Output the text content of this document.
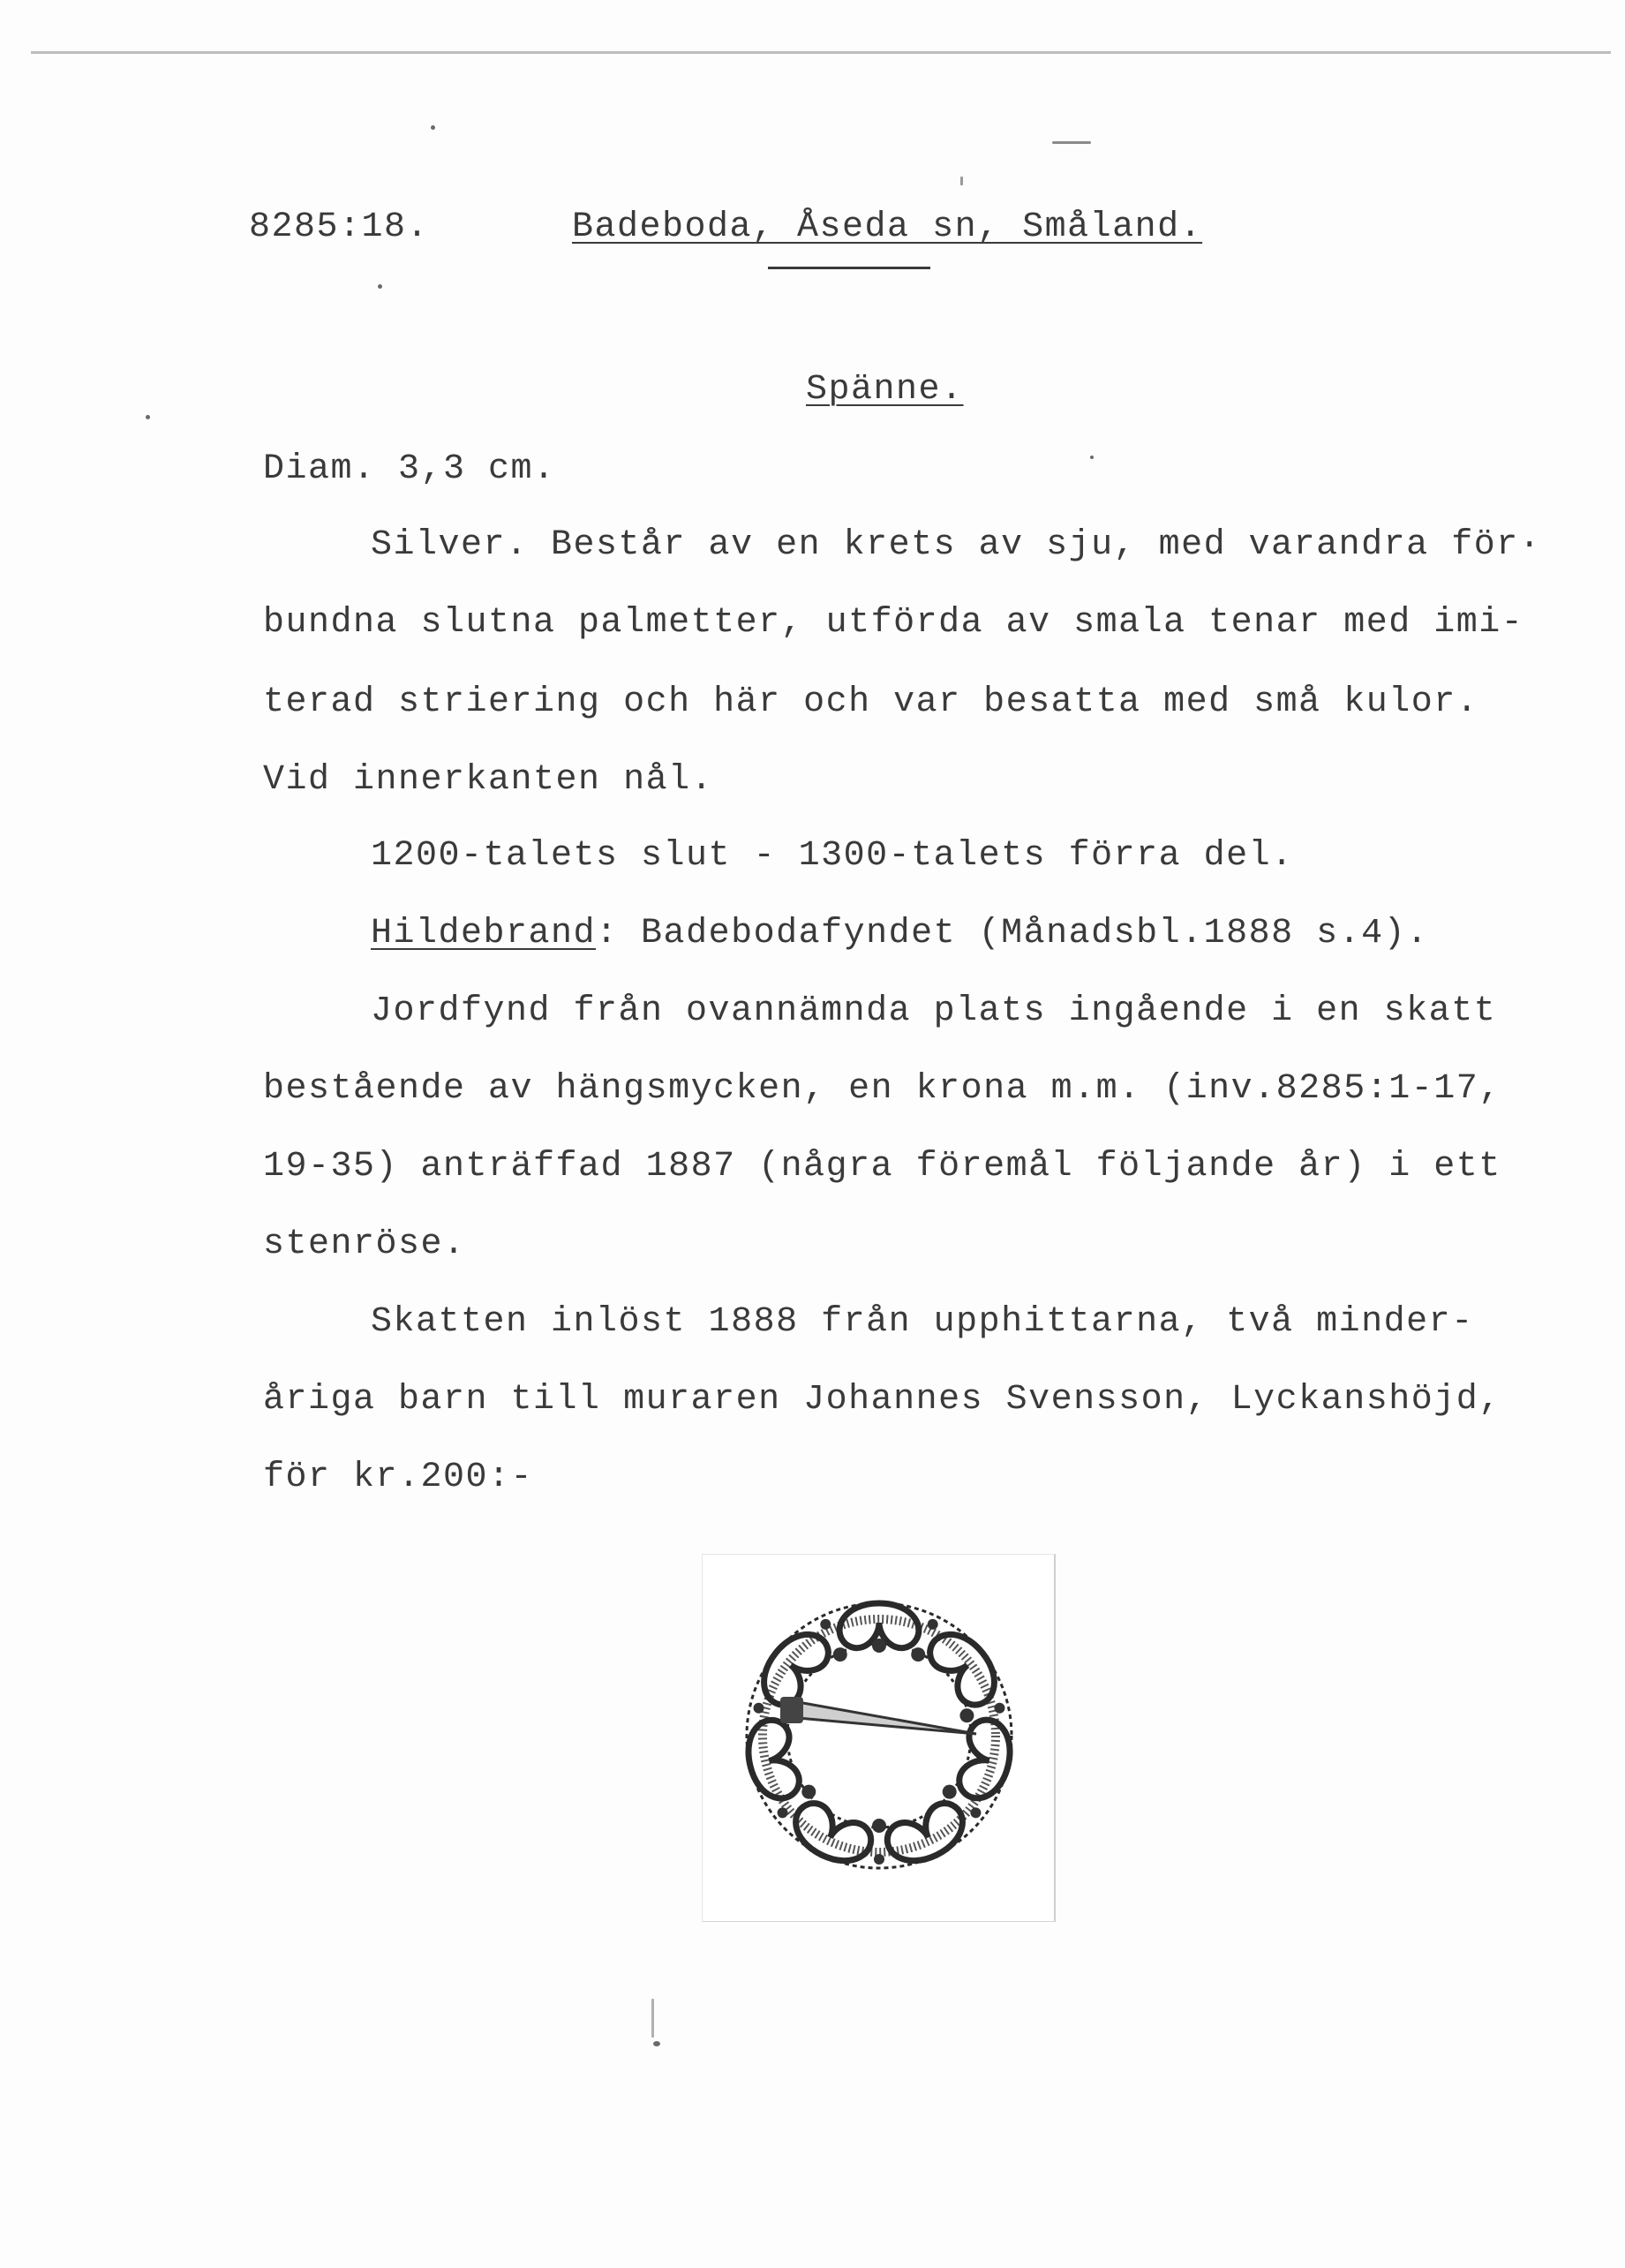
8285:18.	Badeboda, Åseda sn, Småland.
Spänne.
Diam. 3,3 cm.
Silver. Består av en krets av sju, med varandra för·
bundna slutna palmetter, utförda av smala tenar med imi-
terad striering och här och var besatta med små kulor.
Vid innerkanten nål.
1200-talets slut - 1300-talets förra del.
Hildebrand: Badebodafyndet (Månadsbl.1888 s.4).
Jordfynd från ovannämnda plats ingående i en skatt
bestående av hängsmycken, en krona m.m. (inv.8285:1-17,
19-35) anträffad 1887 (några föremål följande år) i ett
stenröse.
Skatten inlöst 1888 från upphittarna, två minder-
åriga barn till muraren Johannes Svensson, Lyckanshöjd,
för kr.200:-
